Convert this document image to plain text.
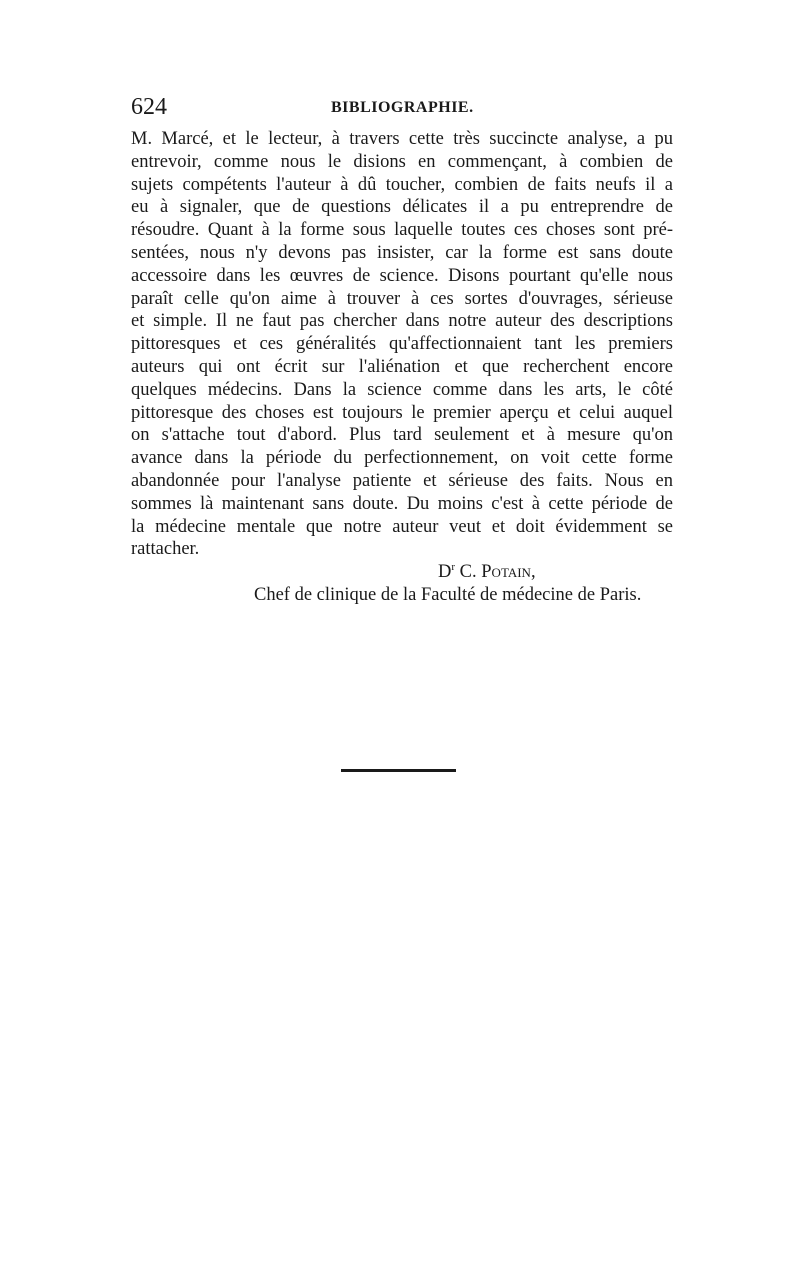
624	BIBLIOGRAPHIE.
M. Marcé, et le lecteur, à travers cette très succincte analyse, a pu
entrevoir, comme nous le disions en commençant, à combien de
sujets compétents l'auteur à dû toucher, combien de faits neufs il a
eu à signaler, que de questions délicates il a pu entreprendre de
résoudre. Quant à la forme sous laquelle toutes ces choses sont pré-
sentées, nous n'y devons pas insister, car la forme est sans doute
accessoire dans les œuvres de science. Disons pourtant qu'elle nous
paraît celle qu'on aime à trouver à ces sortes d'ouvrages, sérieuse
et simple. Il ne faut pas chercher dans notre auteur des descriptions
pittoresques et ces généralités qu'affectionnaient tant les premiers
auteurs qui ont écrit sur l'aliénation et que recherchent encore
quelques médecins. Dans la science comme dans les arts, le côté
pittoresque des choses est toujours le premier aperçu et celui auquel
on s'attache tout d'abord. Plus tard seulement et à mesure qu'on
avance dans la période du perfectionnement, on voit cette forme
abandonnée pour l'analyse patiente et sérieuse des faits. Nous en
sommes là maintenant sans doute. Du moins c'est à cette période de
la médecine mentale que notre auteur veut et doit évidemment se
rattacher.
$D^r$ C. Potain,
Chef de clinique de la Faculté de médecine de Paris.
